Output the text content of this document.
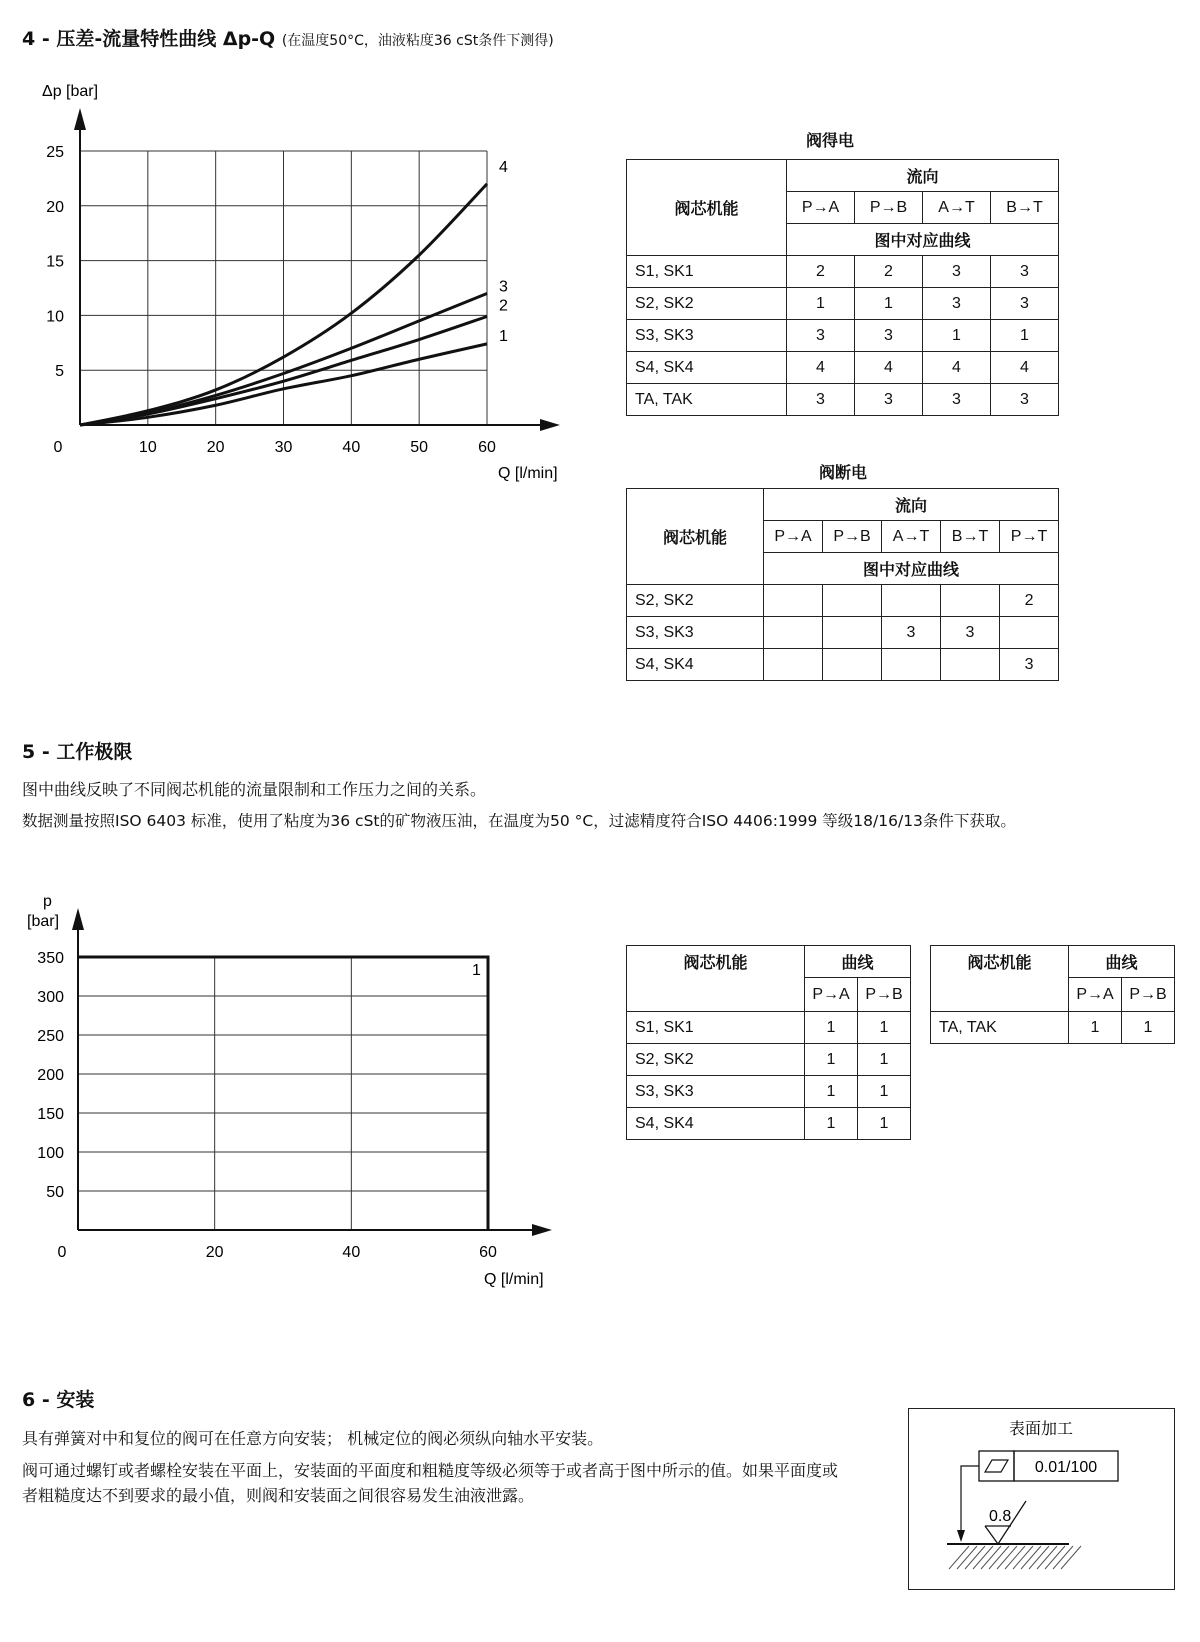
4 - 压差-流量特性曲线 Δp-Q (在温度50°C，油液粘度36 cSt条件下测得)
1
2
3
4
0	10	20	30	40	50	60
5
10
15
20
25
Δp [bar]
Q [l/min]
阀得电
阀芯机能	流向			
	P→A	P→B	A→T	B→T
	图中对应曲线			
S1, SK1	2	2	3	3
S2, SK2	1	1	3	3
S3, SK3	3	3	1	1
S4, SK4	4	4	4	4
TA, TAK	3	3	3	3
阀断电
阀芯机能	流向				
	P→A	P→B	A→T	B→T	P→T
	图中对应曲线				
S2, SK2					2
S3, SK3			3	3	
S4, SK4					3
5 - 工作极限

图中曲线反映了不同阀芯机能的流量限制和工作压力之间的关系。

数据测量按照ISO 6403 标准，使用了粘度为36 cSt的矿物液压油，在温度为50 °C，过滤精度符合ISO 4406:1999 等级18/16/13条件下获取。

1
0	20	40	60
50
100
150
200
250
300
350
p
[bar]
Q [l/min]
阀芯机能	曲线	
	P→A	P→B
S1, SK1	1	1
S2, SK2	1	1
S3, SK3	1	1
S4, SK4	1	1
阀芯机能	曲线	
	P→A	P→B
TA, TAK	1	1
6 - 安装

具有弹簧对中和复位的阀可在任意方向安装； 机械定位的阀必须纵向轴水平安装。

阀可通过螺钉或者螺栓安装在平面上，安装面的平面度和粗糙度等级必须等于或者高于图中所示的值。如果平面度或者粗糙度达不到要求的最小值，则阀和安装面之间很容易发生油液泄露。

表面加工
0.01/100
0.8
